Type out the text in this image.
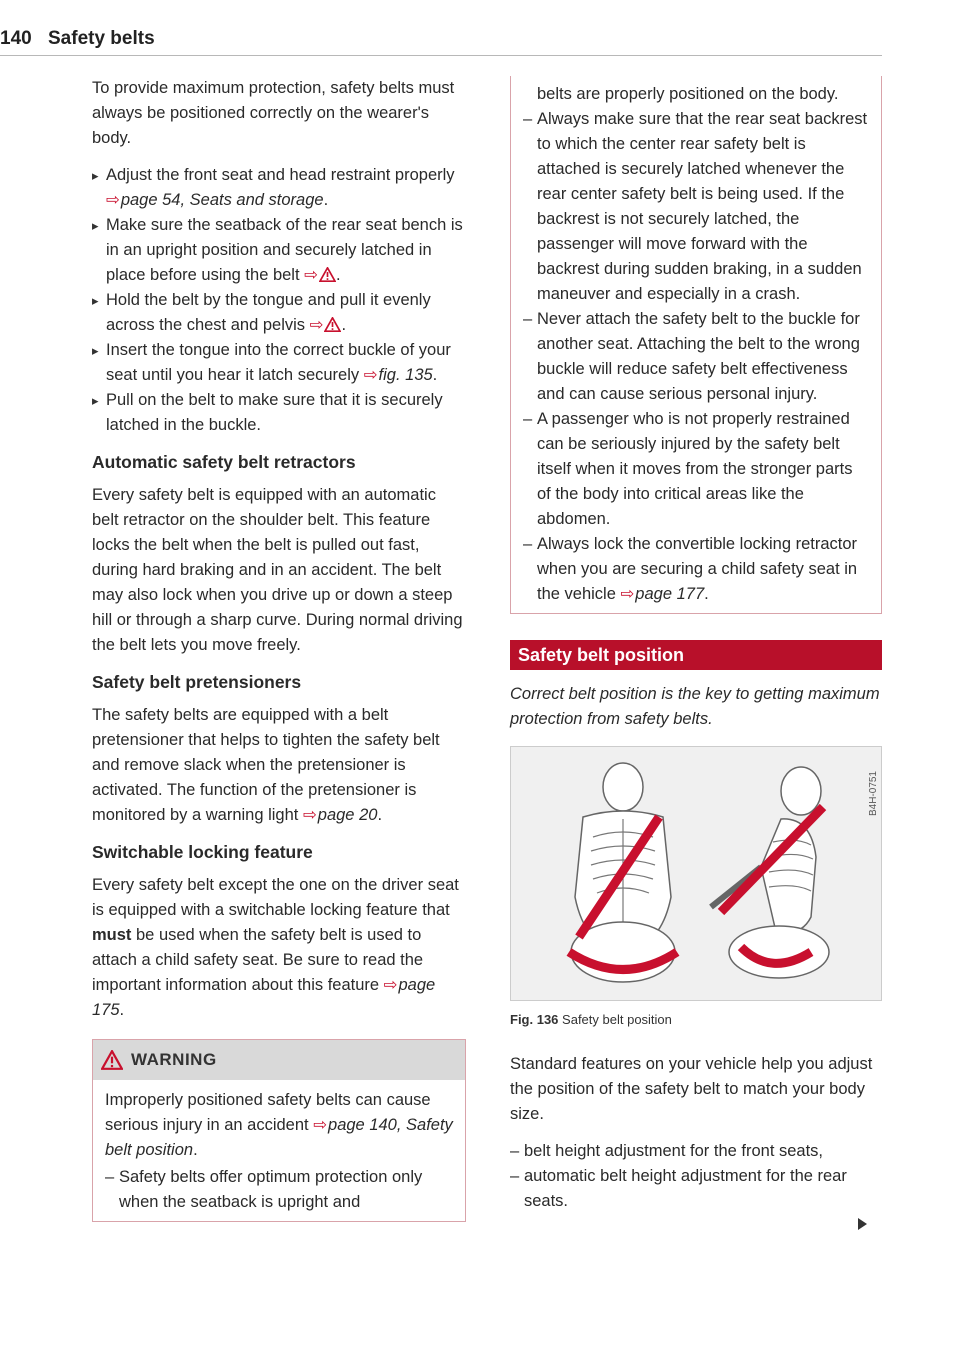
140 Safety belts

To provide maximum protection, safety belts must always be positioned correctly on the wearer's body.

▸ Adjust the front seat and head restraint properly ⇨page 54, Seats and storage.
▸ Make sure the seatback of the rear seat bench is in an upright position and securely latched in place before using the belt ⇨ .
▸ Hold the belt by the tongue and pull it evenly across the chest and pelvis ⇨ .
▸ Insert the tongue into the correct buckle of your seat until you hear it latch securely ⇨fig. 135.
▸ Pull on the belt to make sure that it is securely latched in the buckle.
Automatic safety belt retractors

Every safety belt is equipped with an automatic belt retractor on the shoulder belt. This feature locks the belt when the belt is pulled out fast, during hard braking and in an accident. The belt may also lock when you drive up or down a steep hill or through a sharp curve. During normal driving the belt lets you move freely.

Safety belt pretensioners

The safety belts are equipped with a belt pretensioner that helps to tighten the safety belt and remove slack when the pretensioner is activated. The function of the pretensioner is monitored by a warning light ⇨page 20.

Switchable locking feature

Every safety belt except the one on the driver seat is equipped with a switchable locking feature that must be used when the safety belt is used to attach a child safety seat. Be sure to read the important information about this feature ⇨page 175.

WARNING

Improperly positioned safety belts can cause serious injury in an accident ⇨page 140, Safety belt position.

– Safety belts offer optimum protection only when the seatback is upright and

belts are properly positioned on the body.

– Always make sure that the rear seat backrest to which the center rear safety belt is attached is securely latched whenever the rear center safety belt is being used. If the backrest is not securely latched, the passenger will move forward with the backrest during sudden braking, in a sudden maneuver and especially in a crash.
– Never attach the safety belt to the buckle for another seat. Attaching the belt to the wrong buckle will reduce safety belt effectiveness and can cause serious personal injury.
– A passenger who is not properly restrained can be seriously injured by the safety belt itself when it moves from the stronger parts of the body into critical areas like the abdomen.
– Always lock the convertible locking retractor when you are securing a child safety seat in the vehicle ⇨page 177.
Safety belt position

Correct belt position is the key to getting maximum protection from safety belts.

B4H-0751

Fig. 136 Safety belt position

Standard features on your vehicle help you adjust the position of the safety belt to match your body size.

– belt height adjustment for the front seats,
– automatic belt height adjustment for the rear seats.
